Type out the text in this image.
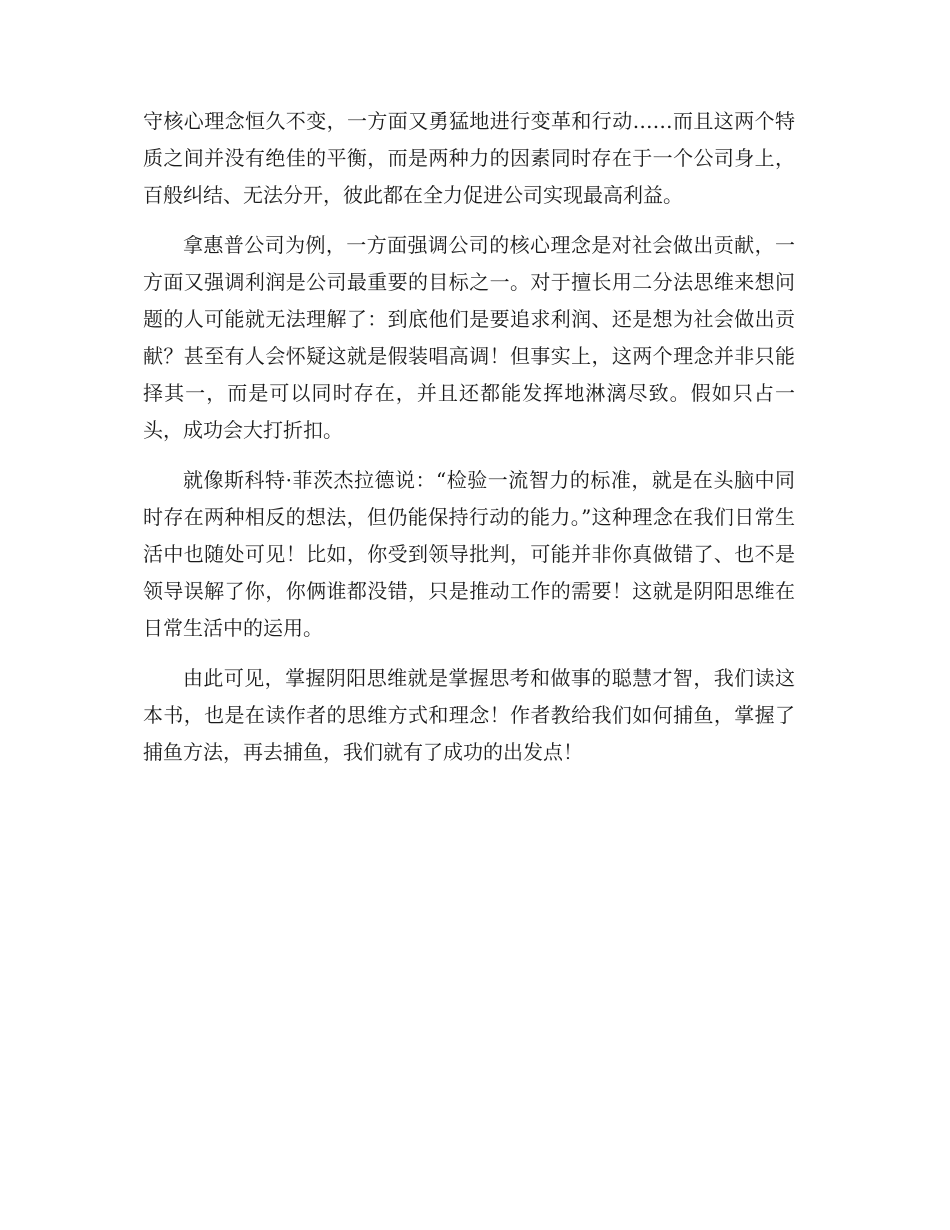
守核心理念恒久不变，一方面又勇猛地进行变革和行动……而且这两个特质之间并没有绝佳的平衡，而是两种力的因素同时存在于一个公司身上，百般纠结、无法分开，彼此都在全力促进公司实现最高利益。

拿惠普公司为例，一方面强调公司的核心理念是对社会做出贡献，一方面又强调利润是公司最重要的目标之一。对于擅长用二分法思维来想问题的人可能就无法理解了：到底他们是要追求利润、还是想为社会做出贡献？甚至有人会怀疑这就是假装唱高调！但事实上，这两个理念并非只能择其一，而是可以同时存在，并且还都能发挥地淋漓尽致。假如只占一头，成功会大打折扣。

就像斯科特·菲茨杰拉德说：“检验一流智力的标准，就是在头脑中同时存在两种相反的想法，但仍能保持行动的能力。”这种理念在我们日常生活中也随处可见！比如，你受到领导批判，可能并非你真做错了、也不是领导误解了你，你俩谁都没错，只是推动工作的需要！这就是阴阳思维在日常生活中的运用。

由此可见，掌握阴阳思维就是掌握思考和做事的聪慧才智，我们读这本书，也是在读作者的思维方式和理念！作者教给我们如何捕鱼，掌握了捕鱼方法，再去捕鱼，我们就有了成功的出发点！
